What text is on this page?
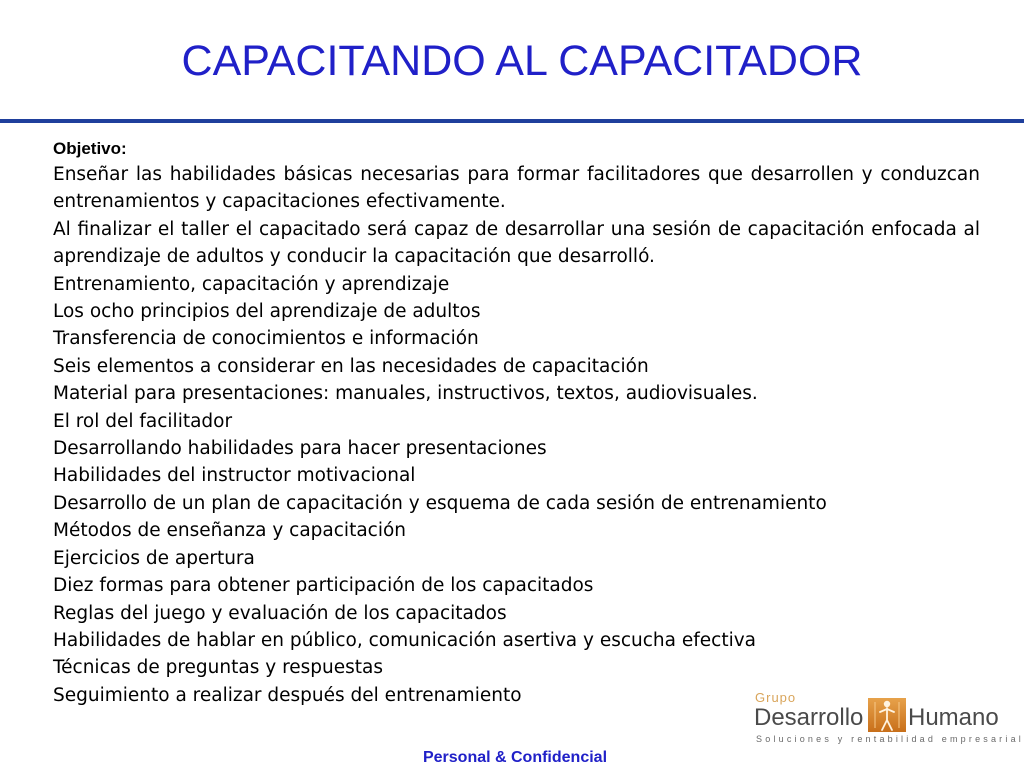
CAPACITANDO AL CAPACITADOR

Objetivo:

Enseñar las habilidades básicas necesarias para formar facilitadores que desarrollen y conduzcan entrenamientos y capacitaciones efectivamente.

Al finalizar el taller el capacitado será capaz de desarrollar una sesión de capacitación enfocada al aprendizaje de adultos y conducir la capacitación que desarrolló.

Entrenamiento, capacitación y aprendizaje
Los ocho principios del aprendizaje de adultos
Transferencia de conocimientos e información
Seis elementos a considerar en las necesidades de capacitación
Material para presentaciones: manuales, instructivos, textos, audiovisuales.
El rol del facilitador
Desarrollando habilidades para hacer presentaciones
Habilidades del instructor motivacional
Desarrollo de un plan de capacitación y esquema de cada sesión de entrenamiento
Métodos de enseñanza y capacitación
Ejercicios de apertura
Diez formas para obtener participación de los capacitados
Reglas del juego y evaluación de los capacitados
Habilidades de hablar en público, comunicación asertiva y escucha efectiva
Técnicas de preguntas y respuestas
Seguimiento a realizar después del entrenamiento	Grupo
Desarrollo Humano
Soluciones y rentabilidad empresarial
Personal & Confidencial
